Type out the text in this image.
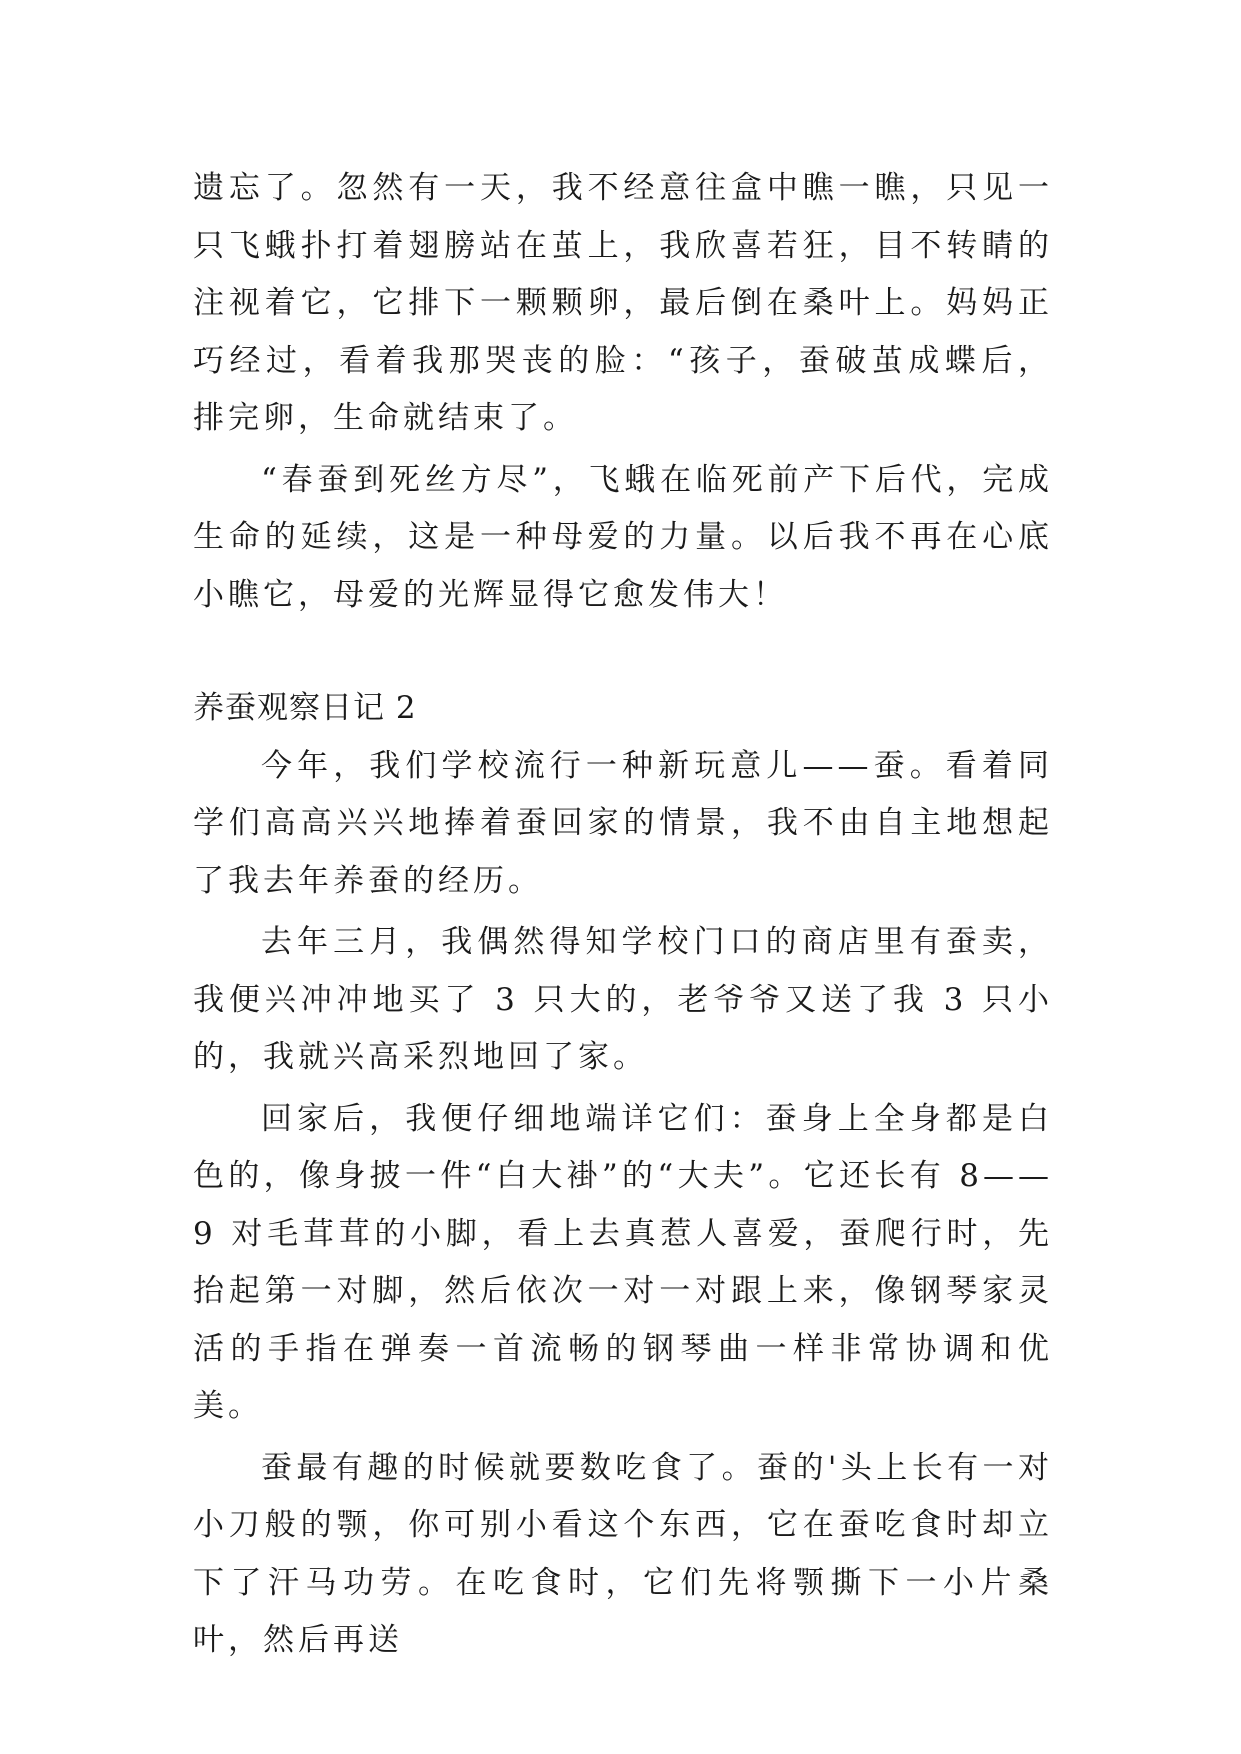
遗忘了。忽然有一天，我不经意往盒中瞧一瞧，只见一只飞蛾扑打着翅膀站在茧上，我欣喜若狂，目不转睛的注视着它，它排下一颗颗卵，最后倒在桑叶上。妈妈正巧经过，看着我那哭丧的脸：“孩子，蚕破茧成蝶后， 排完卵，生命就结束了。

“春蚕到死丝方尽”，飞蛾在临死前产下后代，完成生命的延续，这是一种母爱的力量。以后我不再在心底小瞧它，母爱的光辉显得它愈发伟大！

养蚕观察日记 2

今年，我们学校流行一种新玩意儿——蚕。看着同学们高高兴兴地捧着蚕回家的情景，我不由自主地想起了我去年养蚕的经历。

去年三月，我偶然得知学校门口的商店里有蚕卖，我便兴冲冲地买了 3 只大的，老爷爷又送了我 3 只小的，我就兴高采烈地回了家。

回家后，我便仔细地端详它们：蚕身上全身都是白色的，像身披一件“白大褂”的“大夫”。它还长有 8——9 对毛茸茸的小脚，看上去真惹人喜爱，蚕爬行时，先抬起第一对脚，然后依次一对一对跟上来，像钢琴家灵活的手指在弹奏一首流畅的钢琴曲一样非常协调和优美。

蚕最有趣的时候就要数吃食了。蚕的'头上长有一对小刀般的颚，你可别小看这个东西，它在蚕吃食时却立下了汗马功劳。在吃食时，它们先将颚撕下一小片桑叶，然后再送
